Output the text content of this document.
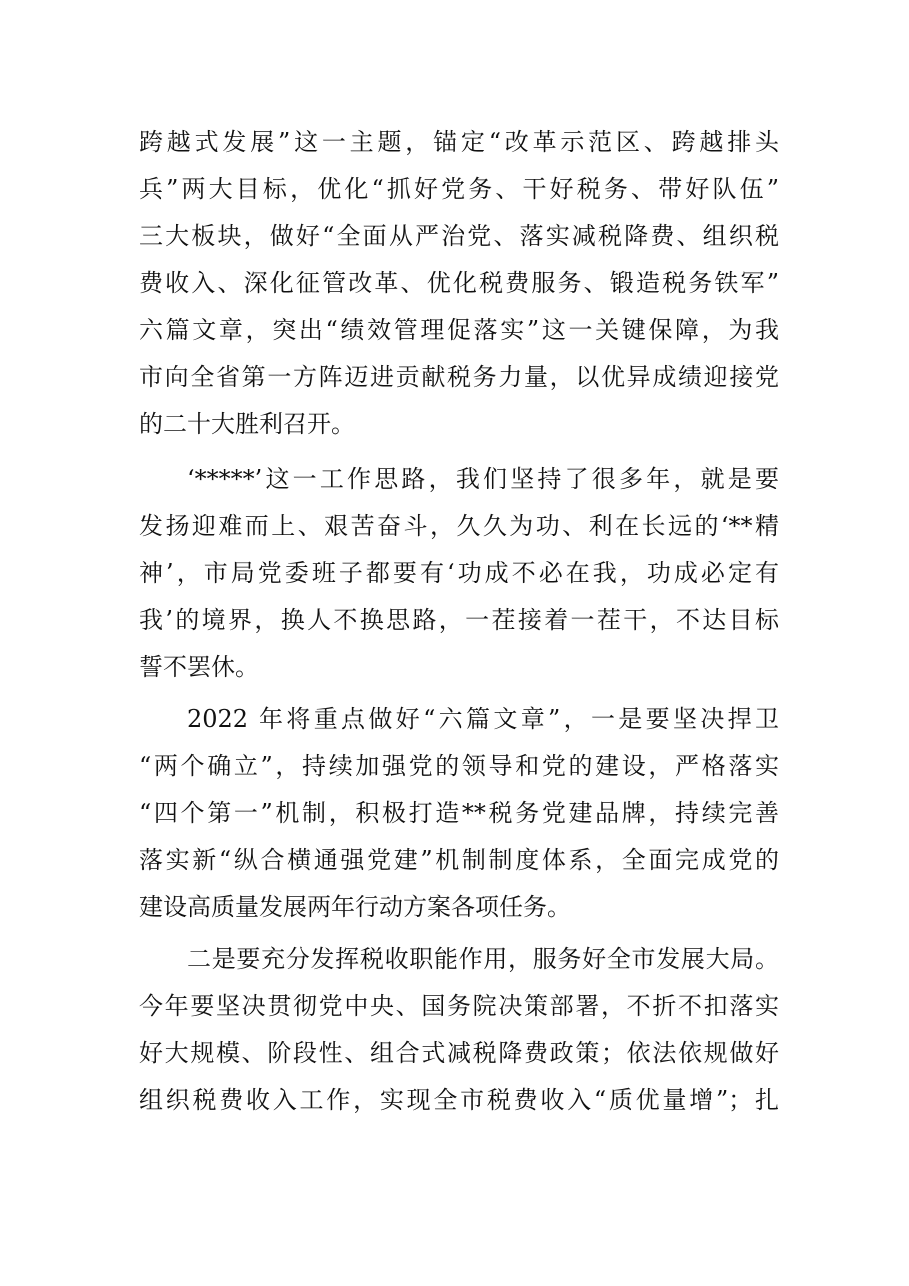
跨越式发展”这一主题，锚定“改革示范区、跨越排头
兵”两大目标，优化“抓好党务、干好税务、带好队伍”
三大板块，做好“全面从严治党、落实减税降费、组织税
费收入、深化征管改革、优化税费服务、锻造税务铁军”
六篇文章，突出“绩效管理促落实”这一关键保障，为我
市向全省第一方阵迈进贡献税务力量，以优异成绩迎接党
的二十大胜利召开。
‘*****’这一工作思路，我们坚持了很多年，就是要
发扬迎难而上、艰苦奋斗，久久为功、利在长远的‘**精
神’，市局党委班子都要有‘功成不必在我，功成必定有
我’的境界，换人不换思路，一茬接着一茬干，不达目标
誓不罢休。
2022 年将重点做好“六篇文章”，一是要坚决捍卫
“两个确立”，持续加强党的领导和党的建设，严格落实
“四个第一”机制，积极打造**税务党建品牌，持续完善
落实新“纵合横通强党建”机制制度体系，全面完成党的
建设高质量发展两年行动方案各项任务。
二是要充分发挥税收职能作用，服务好全市发展大局。
今年要坚决贯彻党中央、国务院决策部署，不折不扣落实
好大规模、阶段性、组合式减税降费政策；依法依规做好
组织税费收入工作，实现全市税费收入“质优量增”；扎
